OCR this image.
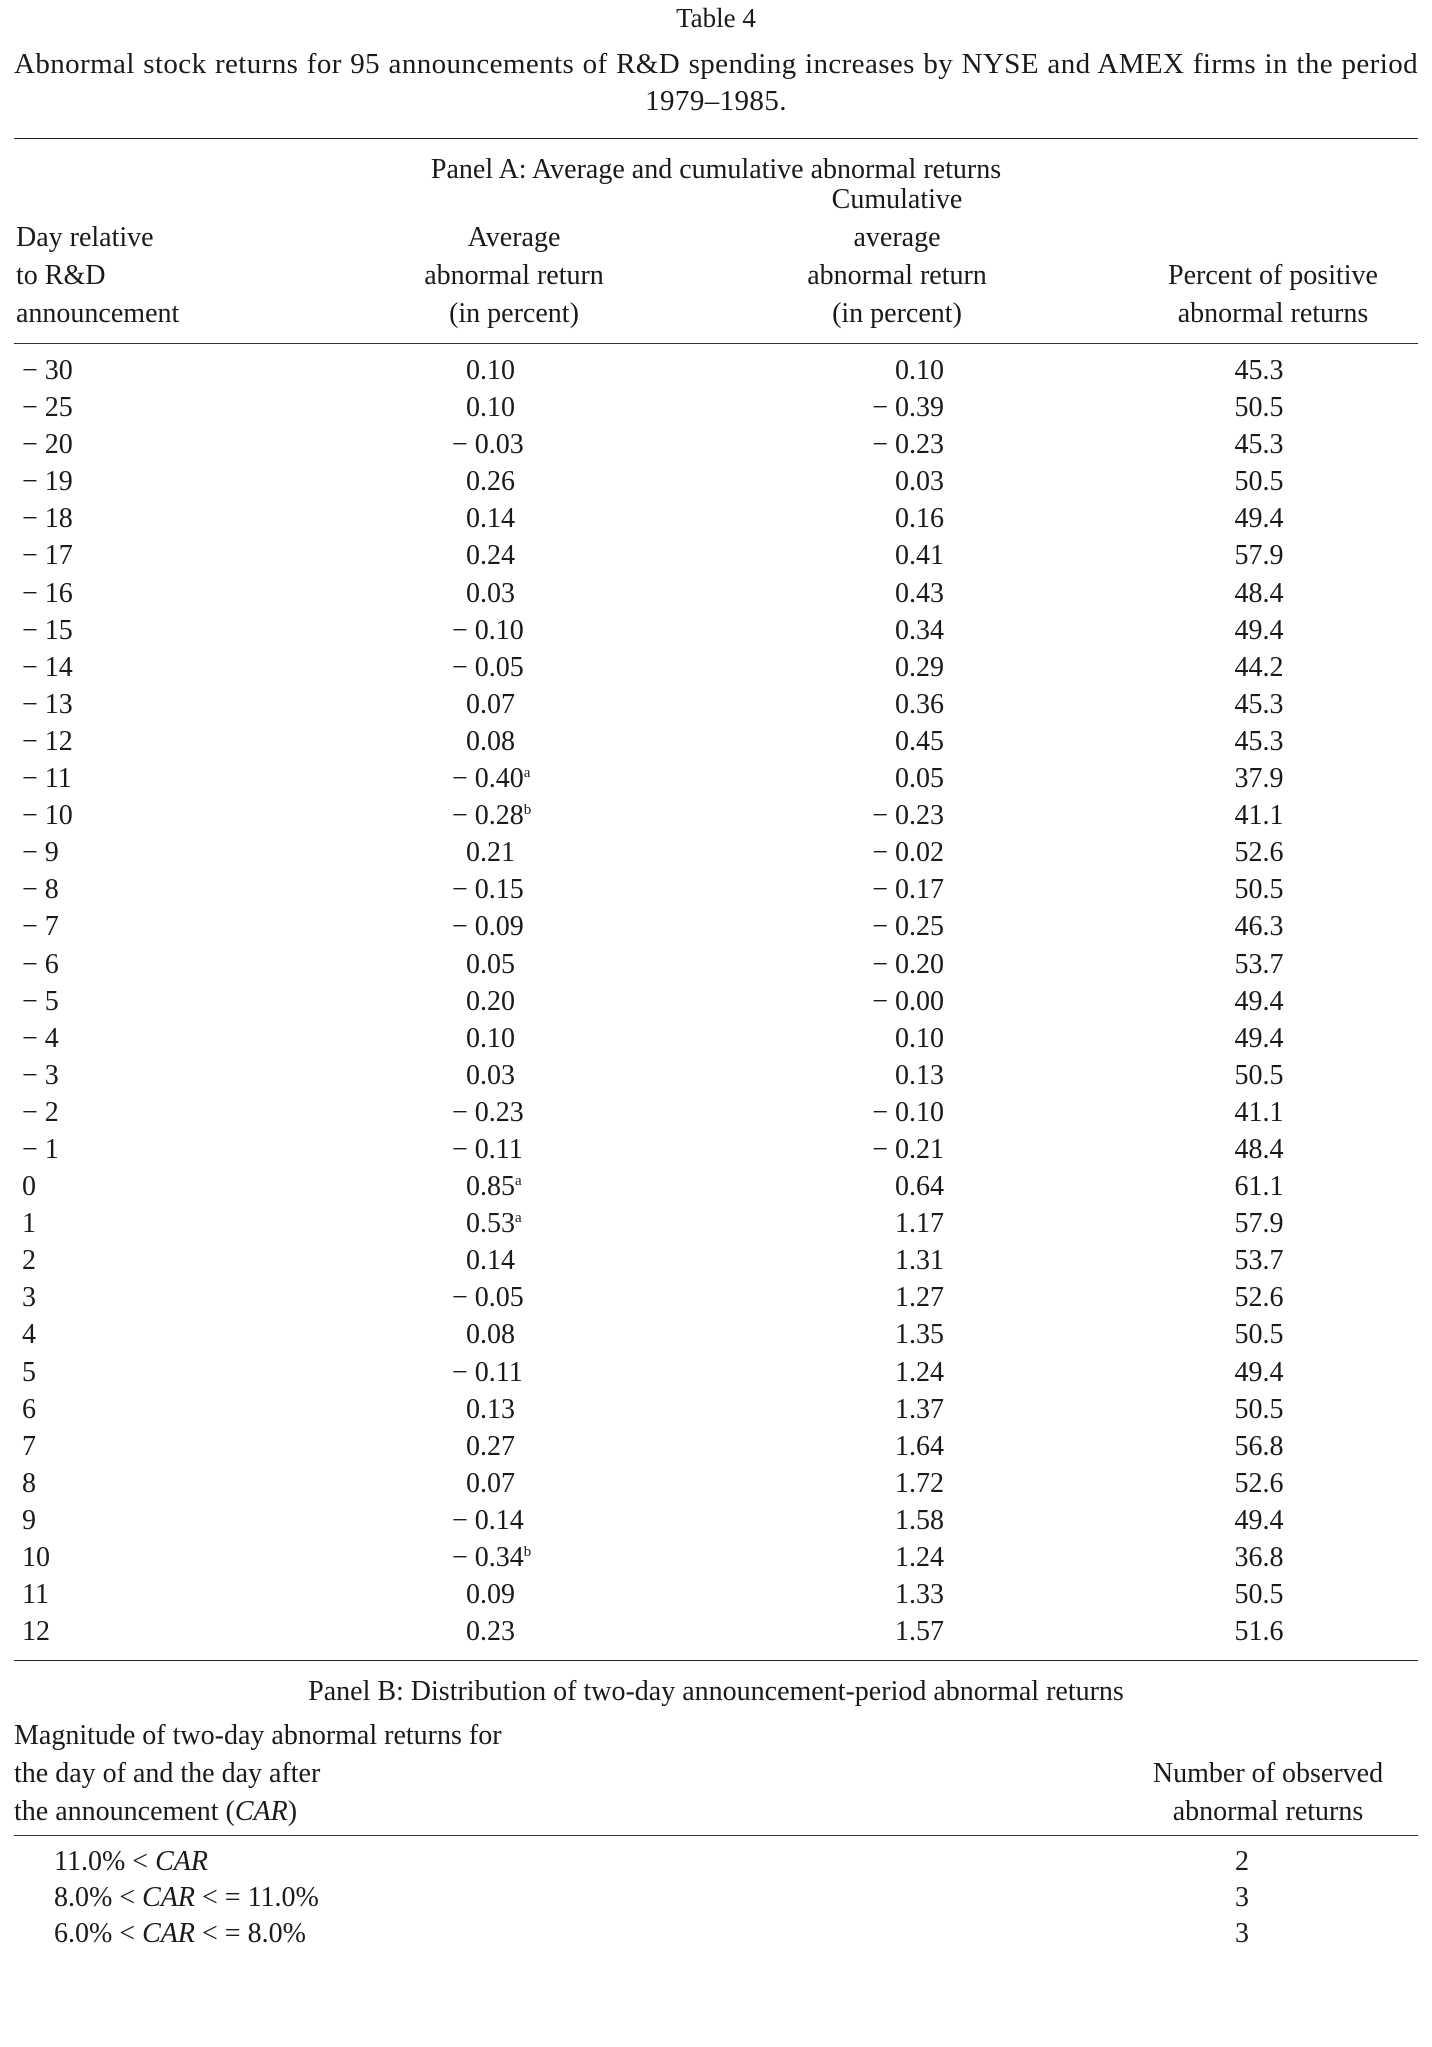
Table 4
Abnormal stock returns for 95 announcements of R&D spending increases by NYSE and AMEX firms in the period 1979–1985.
Panel A: Average and cumulative abnormal returns
Day relative
to R&D
announcement
Average
abnormal return
(in percent)
Cumulative
average
abnormal return
(in percent)
Percent of positive
abnormal returns
− 30	0.10	0.10	45.3
− 25	0.10	− 0.39	50.5
− 20	− 0.03	− 0.23	45.3
− 19	0.26	0.03	50.5
− 18	0.14	0.16	49.4
− 17	0.24	0.41	57.9
− 16	0.03	0.43	48.4
− 15	− 0.10	0.34	49.4
− 14	− 0.05	0.29	44.2
− 13	0.07	0.36	45.3
− 12	0.08	0.45	45.3
− 11	− 0.40$^a$	0.05	37.9
− 10	− 0.28$^b$	− 0.23	41.1
− 9	0.21	− 0.02	52.6
− 8	− 0.15	− 0.17	50.5
− 7	− 0.09	− 0.25	46.3
− 6	0.05	− 0.20	53.7
− 5	0.20	− 0.00	49.4
− 4	0.10	0.10	49.4
− 3	0.03	0.13	50.5
− 2	− 0.23	− 0.10	41.1
− 1	− 0.11	− 0.21	48.4
0	0.85$^a$	0.64	61.1
1	0.53$^a$	1.17	57.9
2	0.14	1.31	53.7
3	− 0.05	1.27	52.6
4	0.08	1.35	50.5
5	− 0.11	1.24	49.4
6	0.13	1.37	50.5
7	0.27	1.64	56.8
8	0.07	1.72	52.6
9	− 0.14	1.58	49.4
10	− 0.34$^b$	1.24	36.8
11	0.09	1.33	50.5
12	0.23	1.57	51.6
Panel B: Distribution of two-day announcement-period abnormal returns
Magnitude of two-day abnormal returns for
the day of and the day after
the announcement (CAR)
Number of observed
abnormal returns
11.0% < CAR	2
8.0% < CAR < = 11.0%	3
6.0% < CAR < = 8.0%	3
